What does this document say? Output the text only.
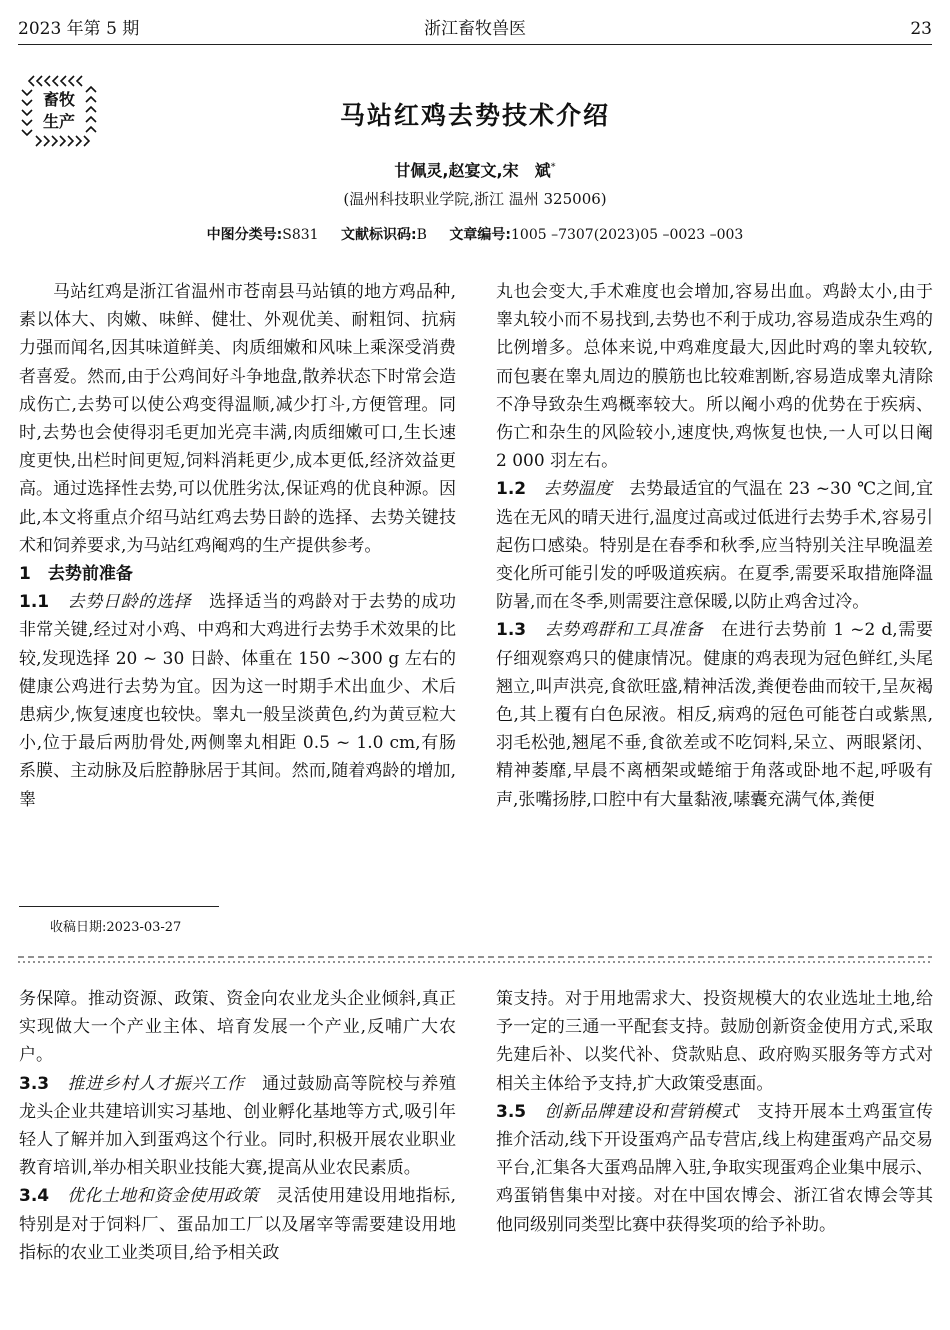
2023 年第 5 期	浙江畜牧兽医	23
畜牧
生产	马站红鸡去势技术介绍
甘佩灵,赵宴文,宋　斌*
(温州科技职业学院,浙江 温州 325006)
中图分类号:S831 文献标识码:B 文章编号:1005 –7307(2023)05 –0023 –003

马站红鸡是浙江省温州市苍南县马站镇的地方鸡品种,素以体大、肉嫩、味鲜、健壮、外观优美、耐粗饲、抗病力强而闻名,因其味道鲜美、肉质细嫩和风味上乘深受消费者喜爱。然而,由于公鸡间好斗争地盘,散养状态下时常会造成伤亡,去势可以使公鸡变得温顺,减少打斗,方便管理。同时,去势也会使得羽毛更加光亮丰满,肉质细嫩可口,生长速度更快,出栏时间更短,饲料消耗更少,成本更低,经济效益更高。通过选择性去势,可以优胜劣汰,保证鸡的优良种源。因此,本文将重点介绍马站红鸡去势日龄的选择、去势关键技术和饲养要求,为马站红鸡阉鸡的生产提供参考。

1　去势前准备

1.1　 去势日龄的选择　 选择适当的鸡龄对于去势的成功非常关键,经过对小鸡、中鸡和大鸡进行去势手术效果的比较,发现选择 20 ~ 30 日龄、体重在 150 ~300 g 左右的健康公鸡进行去势为宜。因为这一时期手术出血少、术后患病少,恢复速度也较快。睾丸一般呈淡黄色,约为黄豆粒大小,位于最后两肋骨处,两侧睾丸相距 0.5 ~ 1.0 cm,有肠系膜、主动脉及后腔静脉居于其间。然而,随着鸡龄的增加,睾

丸也会变大,手术难度也会增加,容易出血。鸡龄太小,由于睾丸较小而不易找到,去势也不利于成功,容易造成杂生鸡的比例增多。总体来说,中鸡难度最大,因此时鸡的睾丸较软,而包裹在睾丸周边的膜筋也比较难割断,容易造成睾丸清除不净导致杂生鸡概率较大。所以阉小鸡的优势在于疾病、伤亡和杂生的风险较小,速度快,鸡恢复也快,一人可以日阉 2 000 羽左右。

1.2　 去势温度　 去势最适宜的气温在 23 ~30 ℃之间,宜选在无风的晴天进行,温度过高或过低进行去势手术,容易引起伤口感染。特别是在春季和秋季,应当特别关注早晚温差变化所可能引发的呼吸道疾病。在夏季,需要采取措施降温防暑,而在冬季,则需要注意保暖,以防止鸡舍过冷。

1.3　 去势鸡群和工具准备　 在进行去势前 1 ~2 d,需要仔细观察鸡只的健康情况。健康的鸡表现为冠色鲜红,头尾翘立,叫声洪亮,食欲旺盛,精神活泼,粪便卷曲而较干,呈灰褐色,其上覆有白色尿液。相反,病鸡的冠色可能苍白或紫黑,羽毛松弛,翘尾不垂,食欲差或不吃饲料,呆立、两眼紧闭、精神萎靡,早晨不离栖架或蜷缩于角落或卧地不起,呼吸有声,张嘴扬脖,口腔中有大量黏液,嗉囊充满气体,粪便

收稿日期:2023-03-27

务保障。推动资源、政策、资金向农业龙头企业倾斜,真正实现做大一个产业主体、培育发展一个产业,反哺广大农户。

3.3　 推进乡村人才振兴工作　 通过鼓励高等院校与养殖龙头企业共建培训实习基地、创业孵化基地等方式,吸引年轻人了解并加入到蛋鸡这个行业。同时,积极开展农业职业教育培训,举办相关职业技能大赛,提高从业农民素质。

3.4　 优化土地和资金使用政策　 灵活使用建设用地指标,特别是对于饲料厂、蛋品加工厂以及屠宰等需要建设用地指标的农业工业类项目,给予相关政

策支持。对于用地需求大、投资规模大的农业选址土地,给予一定的三通一平配套支持。鼓励创新资金使用方式,采取先建后补、以奖代补、贷款贴息、政府购买服务等方式对相关主体给予支持,扩大政策受惠面。

3.5　 创新品牌建设和营销模式　 支持开展本土鸡蛋宣传推介活动,线下开设蛋鸡产品专营店,线上构建蛋鸡产品交易平台,汇集各大蛋鸡品牌入驻,争取实现蛋鸡企业集中展示、鸡蛋销售集中对接。对在中国农博会、浙江省农博会等其他同级别同类型比赛中获得奖项的给予补助。
